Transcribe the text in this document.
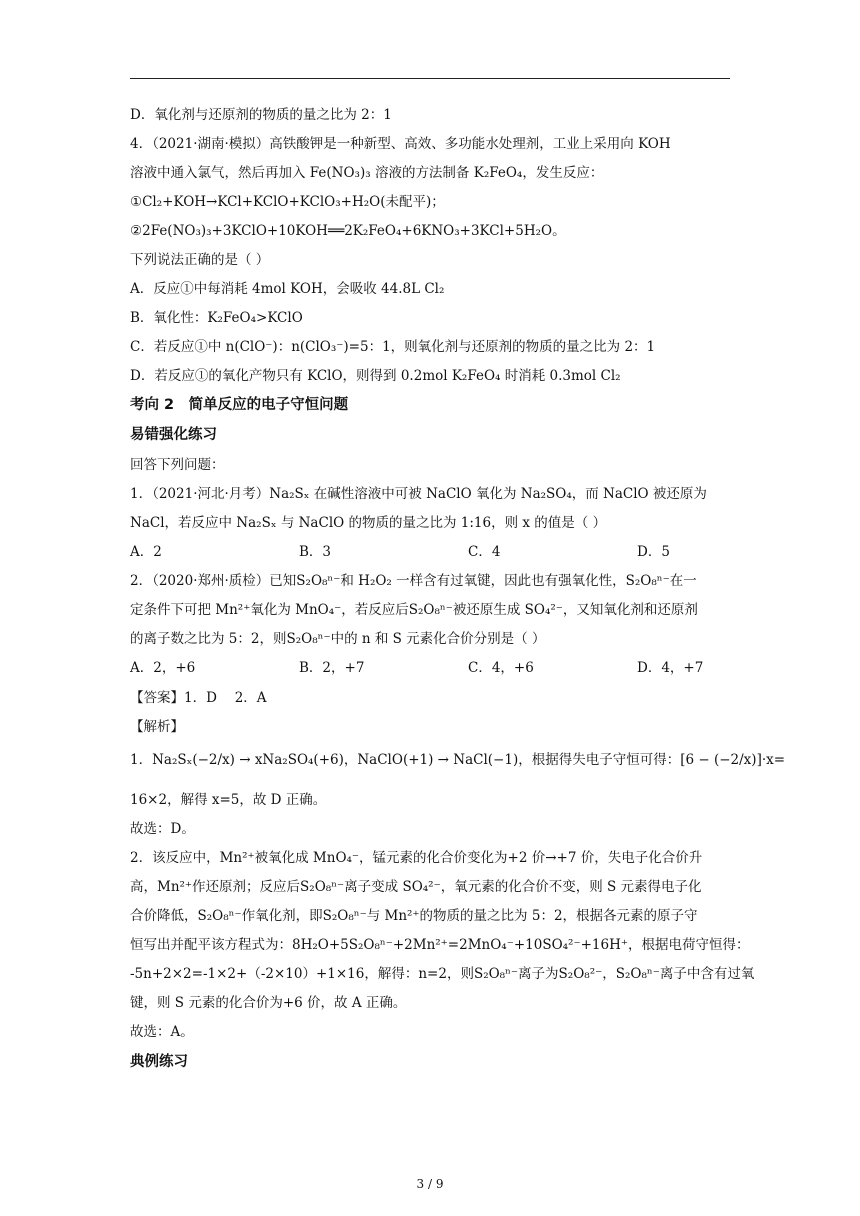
D．氧化剂与还原剂的物质的量之比为 2：1
4．（2021·湖南·模拟）高铁酸钾是一种新型、高效、多功能水处理剂，工业上采用向 KOH
溶液中通入氯气，然后再加入 Fe(NO₃)₃ 溶液的方法制备 K₂FeO₄，发生反应：
①Cl₂+KOH→KCl+KClO+KClO₃+H₂O(未配平)；
②2Fe(NO₃)₃+3KClO+10KOH══2K₂FeO₄+6KNO₃+3KCl+5H₂O。
下列说法正确的是（ ）
A．反应①中每消耗 4mol KOH，会吸收 44.8L Cl₂
B．氧化性：K₂FeO₄>KClO
C．若反应①中 n(ClO⁻)：n(ClO₃⁻)=5：1，则氧化剂与还原剂的物质的量之比为 2：1
D．若反应①的氧化产物只有 KClO，则得到 0.2mol K₂FeO₄ 时消耗 0.3mol Cl₂
考向 2　简单反应的电子守恒问题
易错强化练习
回答下列问题：
1．（2021·河北·月考）Na₂Sₓ 在碱性溶液中可被 NaClO 氧化为 Na₂SO₄，而 NaClO 被还原为
NaCl，若反应中 Na₂Sₓ 与 NaClO 的物质的量之比为 1:16，则 x 的值是（ ）
A．2	B．3	C．4	D．5
2．（2020·郑州·质检）已知S₂O₈ⁿ⁻和 H₂O₂ 一样含有过氧键，因此也有强氧化性，S₂O₈ⁿ⁻在一
定条件下可把 Mn²⁺氧化为 MnO₄⁻，若反应后S₂O₈ⁿ⁻被还原生成 SO₄²⁻，又知氧化剂和还原剂
的离子数之比为 5：2，则S₂O₈ⁿ⁻中的 n 和 S 元素化合价分别是（ ）
A．2，+6	B．2，+7	C．4，+6	D．4，+7
【答案】1．D　 2．A
【解析】
1．Na₂Sₓ(−2/x) → xNa₂SO₄(+6)，NaClO(+1) → NaCl(−1)，根据得失电子守恒可得：[6 − (−2/x)]·x=
16×2，解得 x=5，故 D 正确。
故选：D。
2．该反应中，Mn²⁺被氧化成 MnO₄⁻，锰元素的化合价变化为+2 价→+7 价，失电子化合价升
高，Mn²⁺作还原剂；反应后S₂O₈ⁿ⁻离子变成 SO₄²⁻，氧元素的化合价不变，则 S 元素得电子化
合价降低，S₂O₈ⁿ⁻作氧化剂，即S₂O₈ⁿ⁻与 Mn²⁺的物质的量之比为 5：2，根据各元素的原子守
恒写出并配平该方程式为：8H₂O+5S₂O₈ⁿ⁻+2Mn²⁺=2MnO₄⁻+10SO₄²⁻+16H⁺，根据电荷守恒得：
-5n+2×2=-1×2+（-2×10）+1×16，解得：n=2，则S₂O₈ⁿ⁻离子为S₂O₈²⁻，S₂O₈ⁿ⁻离子中含有过氧
键，则 S 元素的化合价为+6 价，故 A 正确。
故选：A。
典例练习
3 / 9
